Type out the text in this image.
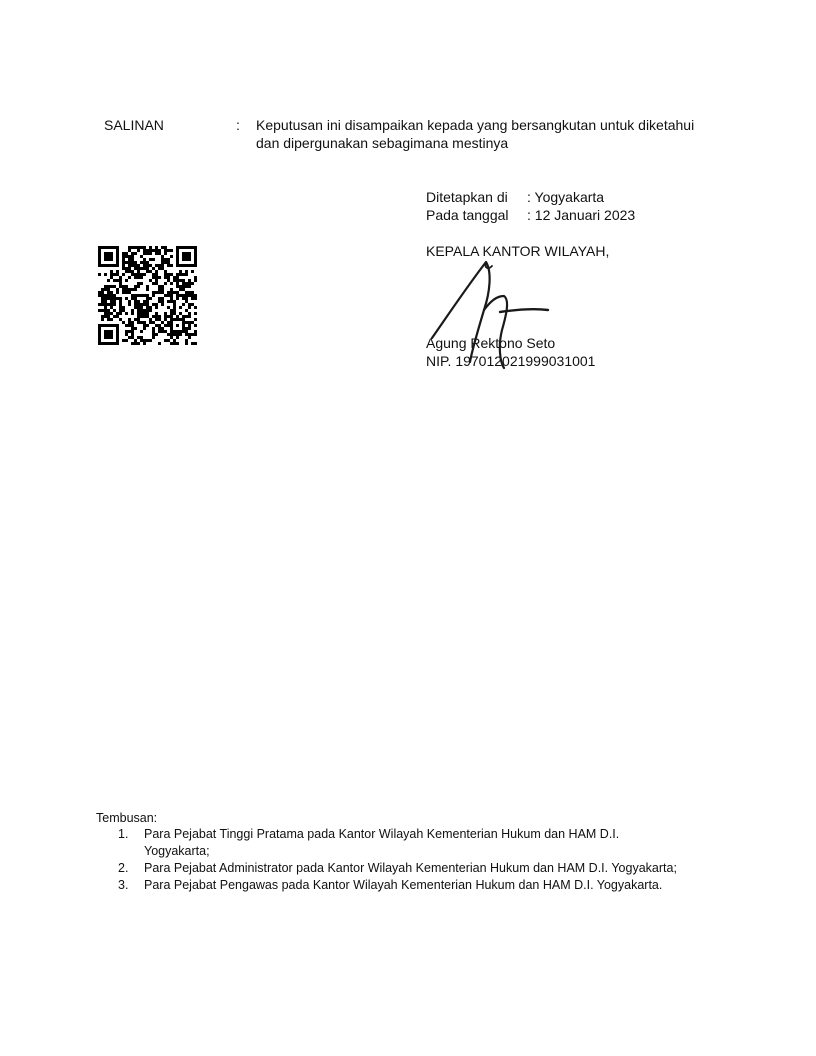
SALINAN	: Keputusan ini disampaikan kepada yang bersangkutan untuk diketahui
dan dipergunakan sebagimana mestinya
Ditetapkan di : Yogyakarta
Pada tanggal : 12 Januari 2023
KEPALA KANTOR WILAYAH,
Agung Rektono Seto
NIP. 197012021999031001
Tembusan:
1. Para Pejabat Tinggi Pratama pada Kantor Wilayah Kementerian Hukum dan HAM D.I.
Yogyakarta;
2. Para Pejabat Administrator pada Kantor Wilayah Kementerian Hukum dan HAM D.I. Yogyakarta;
3. Para Pejabat Pengawas pada Kantor Wilayah Kementerian Hukum dan HAM D.I. Yogyakarta.
